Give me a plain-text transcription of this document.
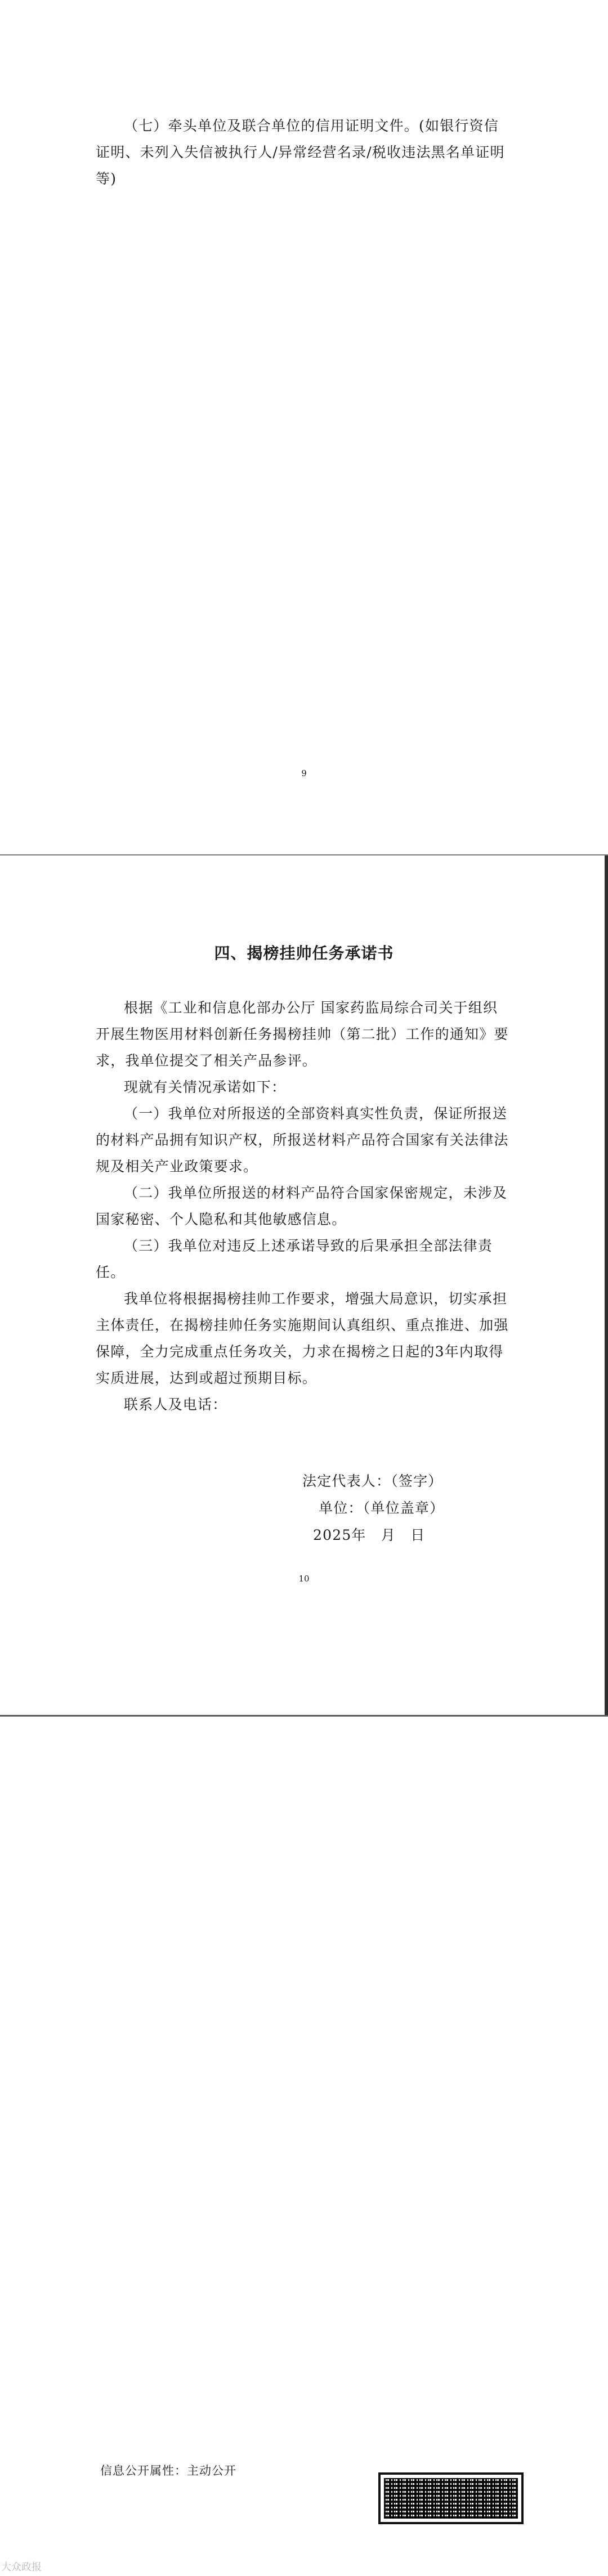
（七）牵头单位及联合单位的信用证明文件。(如银行资信证明、未列入失信被执行人/异常经营名录/税收违法黑名单证明等)

9
四、揭榜挂帅任务承诺书

根据《工业和信息化部办公厅 国家药监局综合司关于组织开展生物医用材料创新任务揭榜挂帅（第二批）工作的通知》要求，我单位提交了相关产品参评。

现就有关情况承诺如下：

（一）我单位对所报送的全部资料真实性负责，保证所报送的材料产品拥有知识产权，所报送材料产品符合国家有关法律法规及相关产业政策要求。

（二）我单位所报送的材料产品符合国家保密规定，未涉及国家秘密、个人隐私和其他敏感信息。

（三）我单位对违反上述承诺导致的后果承担全部法律责任。

我单位将根据揭榜挂帅工作要求，增强大局意识，切实承担主体责任，在揭榜挂帅任务实施期间认真组织、重点推进、加强保障，全力完成重点任务攻关，力求在揭榜之日起的3年内取得实质进展，达到或超过预期目标。

联系人及电话：

法定代表人：（签字）
单位：（单位盖章）
2025年　月　日
10
信息公开属性：主动公开
大众政报
